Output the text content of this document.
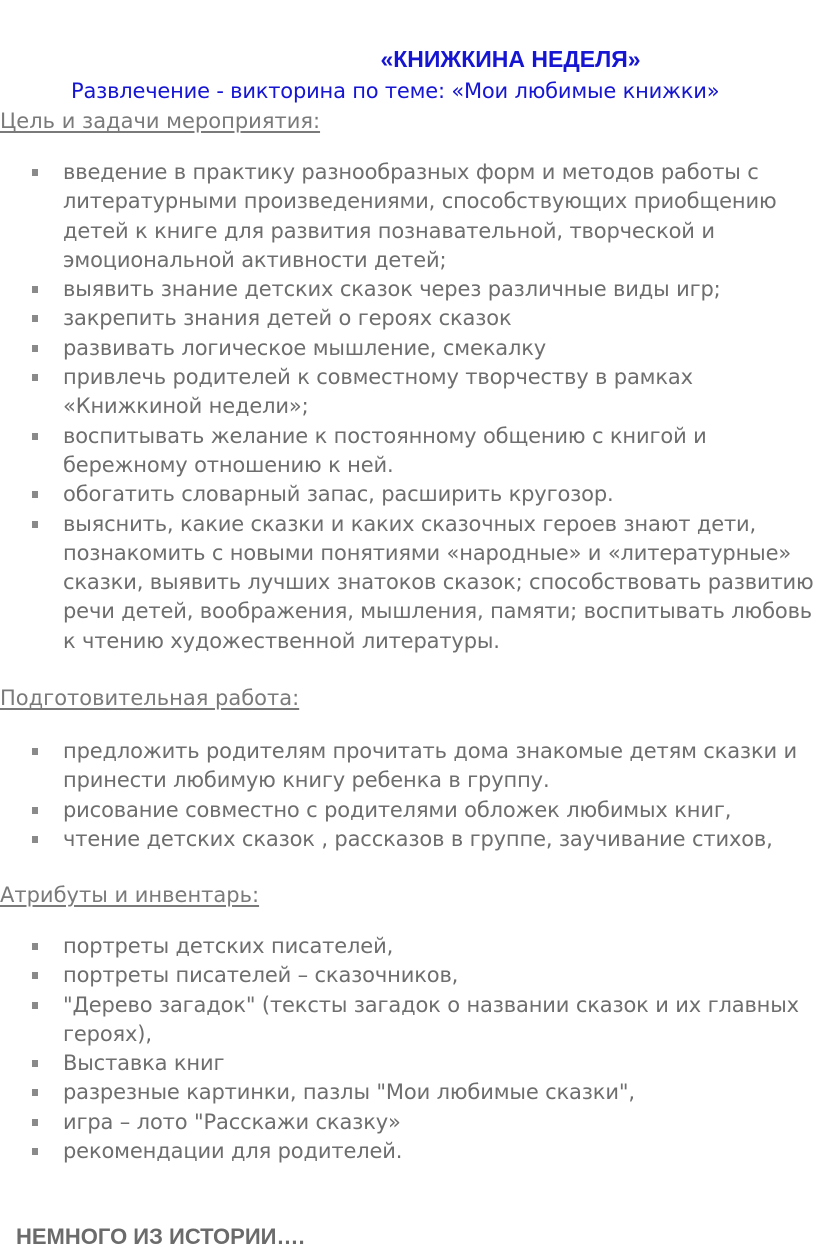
«КНИЖКИНА НЕДЕЛЯ»
Развлечение - викторина по теме: «Мои любимые книжки»
Цель и задачи мероприятия:
введение в практику разнообразных форм и методов работы с литературными произведениями, способствующих приобщению детей к книге для развития познавательной, творческой и эмоциональной активности детей;
выявить знание детских сказок через различные виды игр;
закрепить знания детей о героях сказок
развивать логическое мышление, смекалку
привлечь родителей к совместному творчеству в рамках «Книжкиной недели»;
воспитывать желание к постоянному общению с книгой и бережному отношению к ней.
обогатить словарный запас, расширить кругозор.
выяснить, какие сказки и каких сказочных героев знают дети, познакомить с новыми понятиями «народные» и «литературные» сказки, выявить лучших знатоков сказок; способствовать развитию речи детей, воображения, мышления, памяти; воспитывать любовь к чтению художественной литературы.
Подготовительная работа:
предложить родителям прочитать дома знакомые детям сказки и принести любимую книгу ребенка в группу.
рисование совместно с родителями обложек любимых книг,
чтение детских сказок , рассказов в группе, заучивание стихов,
Атрибуты и инвентарь:
портреты детских писателей,
портреты писателей – сказочников,
"Дерево загадок" (тексты загадок о названии сказок и их главных героях),
Выставка книг
разрезные картинки, пазлы "Мои любимые сказки",
игра – лото "Расскажи сказку»
рекомендации для родителей.
НЕМНОГО ИЗ ИСТОРИИ….
